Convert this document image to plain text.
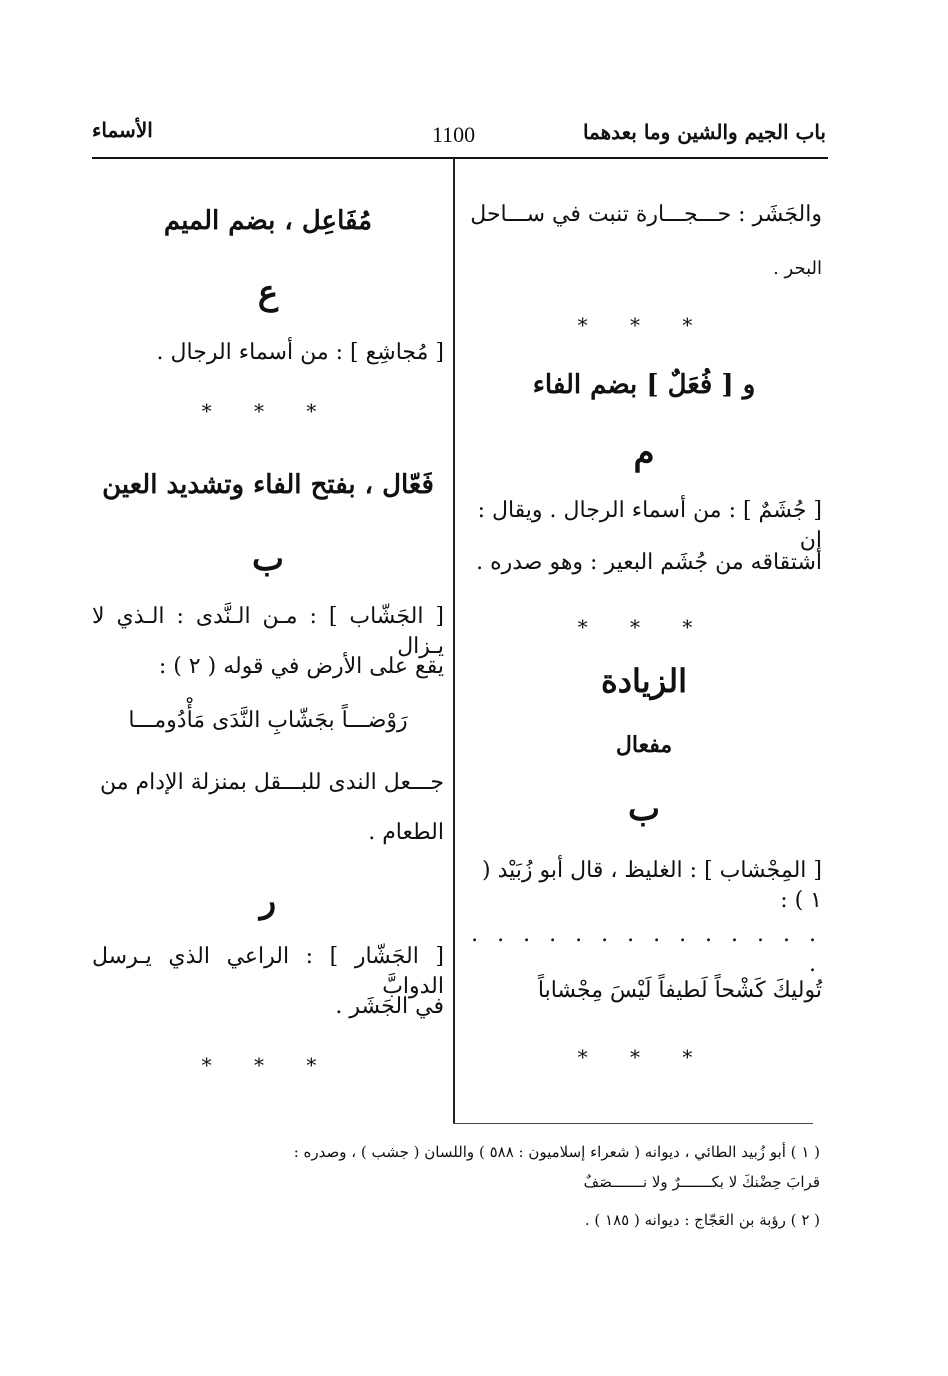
باب الجيم والشين وما بعدهما
1100
الأسماء
والجَشَر : حـــجـــارة تنبت في ســـاحل
البحر .
* * *
و [ فُعَلٌ ] بضم الفاء
م
[ جُشَمٌ ] : من أسماء الرجال . ويقال : إن
اشتقاقه من جُشَم البعير : وهو صدره .
* * *
الزيادة
مفعال
ب
[ المِجْشاب ] : الغليظ ، قال أبو زُبَيْد ( ١ ) :
. . . . . . . . . . . . . . .
تُوليكَ كَشْحاً لَطيفاً لَيْسَ مِجْشاباً
* * *
مُفَاعِل ، بضم الميم
ع
[ مُجاشِع ] : من أسماء الرجال .
* * *
فَعّال ، بفتح الفاء وتشديد العين
ب
[ الجَشّاب ] : مـن الـنَّدى : الـذي لا يـزال
يقع على الأرض في قوله ( ٢ ) :
رَوْضـــاً بجَشّابِ النَّدَى مَأْدُومـــا
جـــعل الندى للبـــقل بمنزلة الإدام من
الطعام .
ر
[ الجَشّار ] : الراعي الذي يـرسل الدوابَّ
في الجَشَر .
* * *
( ١ ) أبو زُبيد الطائي ، ديوانه ( شعراء إسلاميون : ٥٨٨ ) واللسان ( جشب ) ، وصدره :
قرابَ حِضْنكَ لا بكـــــــرٌ ولا نـــــــصَفٌ
( ٢ ) رؤبة بن العَجّاج : ديوانه ( ١٨٥ ) .
